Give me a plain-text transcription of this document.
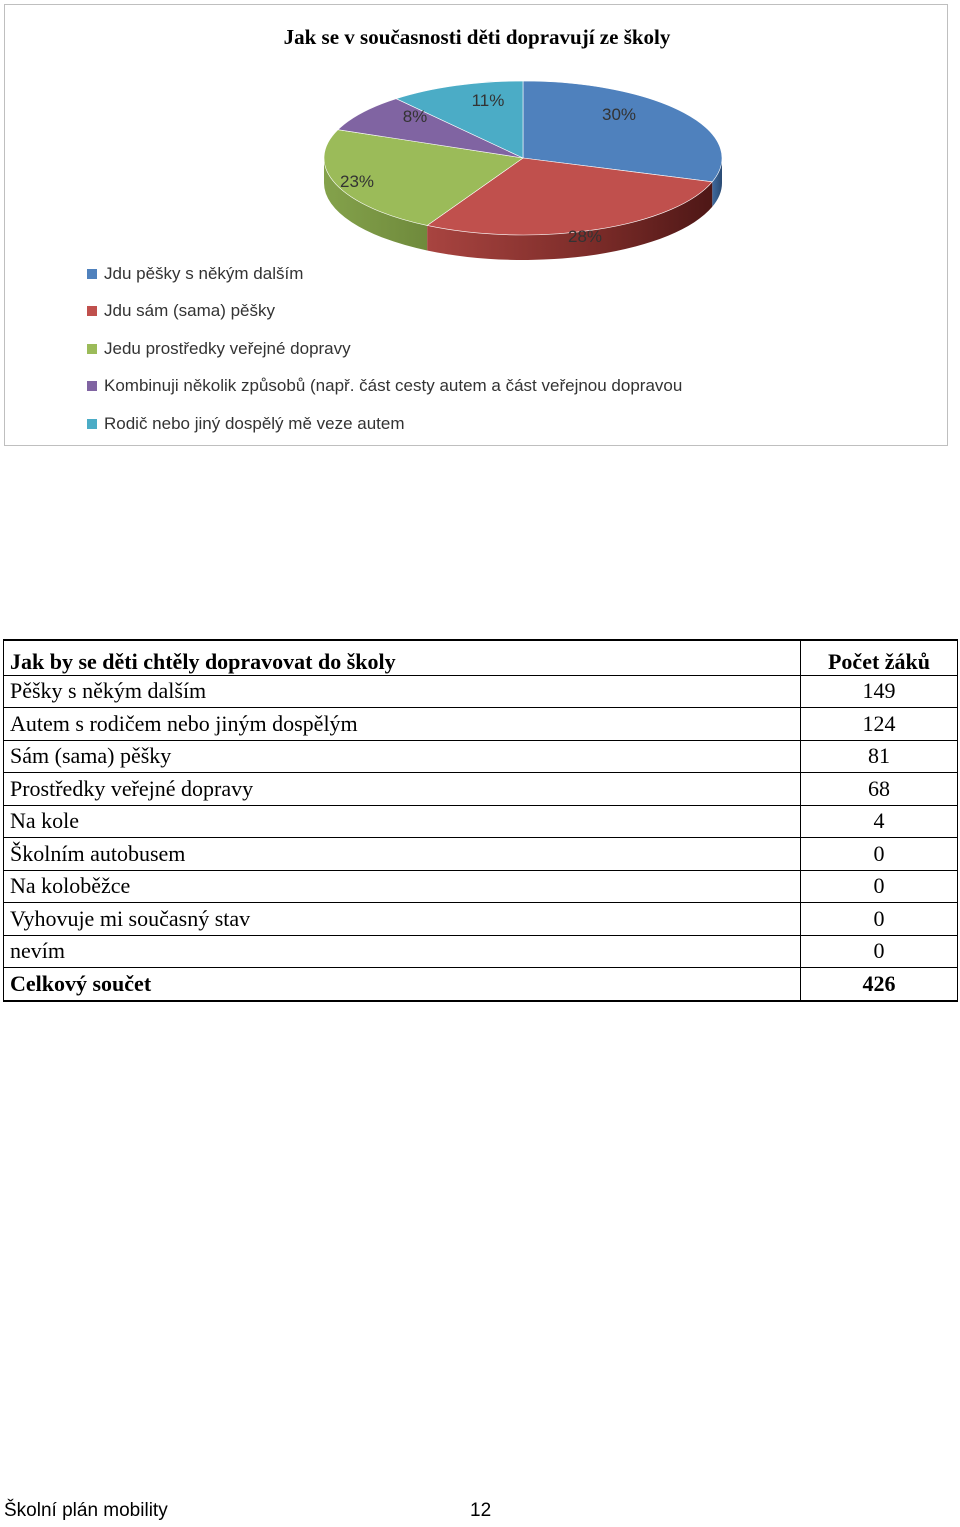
Jak se v současnosti děti dopravují ze školy
30%
28%
23%
8%
11%
Jdu pěšky s někým dalším
Jdu sám (sama) pěšky
Jedu prostředky veřejné dopravy
Kombinuji několik způsobů (např. část cesty autem a část veřejnou dopravou
Rodič nebo jiný dospělý mě veze autem
Jak by se děti chtěly dopravovat do školy	Počet žáků
Pěšky s někým dalším	149
Autem s rodičem nebo jiným dospělým	124
Sám (sama) pěšky	81
Prostředky veřejné dopravy	68
Na kole	4
Školním autobusem	0
Na koloběžce	0
Vyhovuje mi současný stav	0
nevím	0
Celkový součet	426
Školní plán mobility	12
